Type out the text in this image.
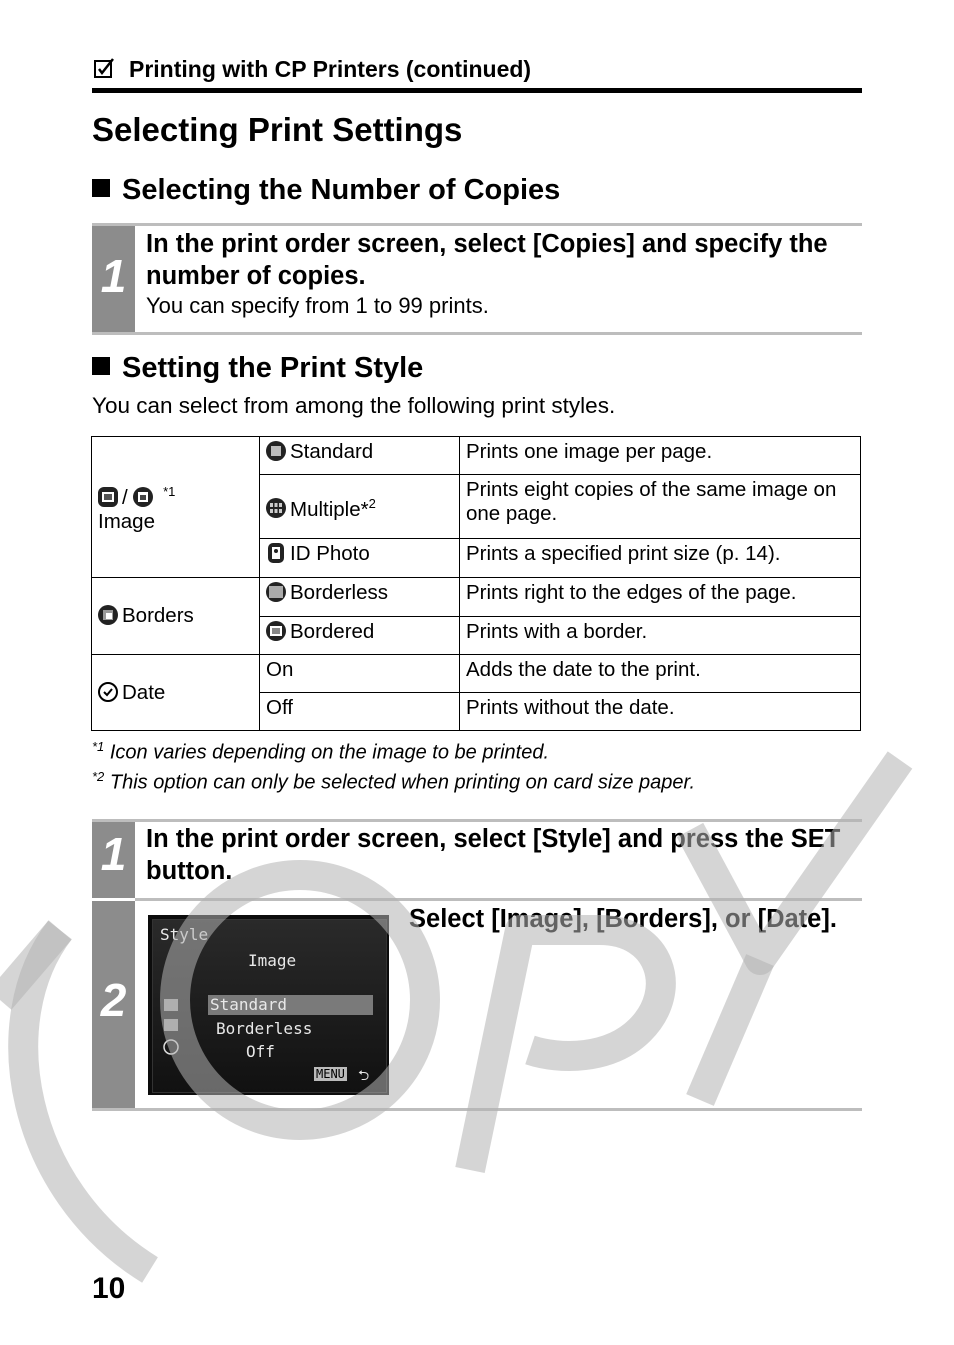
Printing with CP Printers (continued)
Selecting Print Settings
Selecting the Number of Copies
1
In the print order screen, select [Copies] and specify the number of copies.
You can specify from 1 to 99 prints.
Setting the Print Style
You can select from among the following print styles.
/ $^{*1}$
Image	Standard	Prints one image per page.
	Multiple*$^2$	Prints eight copies of the same image on one page.
	ID Photo	Prints a specified print size (p. 14).
Borders	Borderless	Prints right to the edges of the page.
	Bordered	Prints with a border.
Date	On	Adds the date to the print.
	Off	Prints without the date.
$^{*1}$ Icon varies depending on the image to be printed.
$^{*2}$ This option can only be selected when printing on card size paper.
1 In the print order screen, select [Style] and press the SET button.
2
Style
Image
Standard
Borderless
Off
MENU ⮌
Select [Image], [Borders], or [Date].
10
